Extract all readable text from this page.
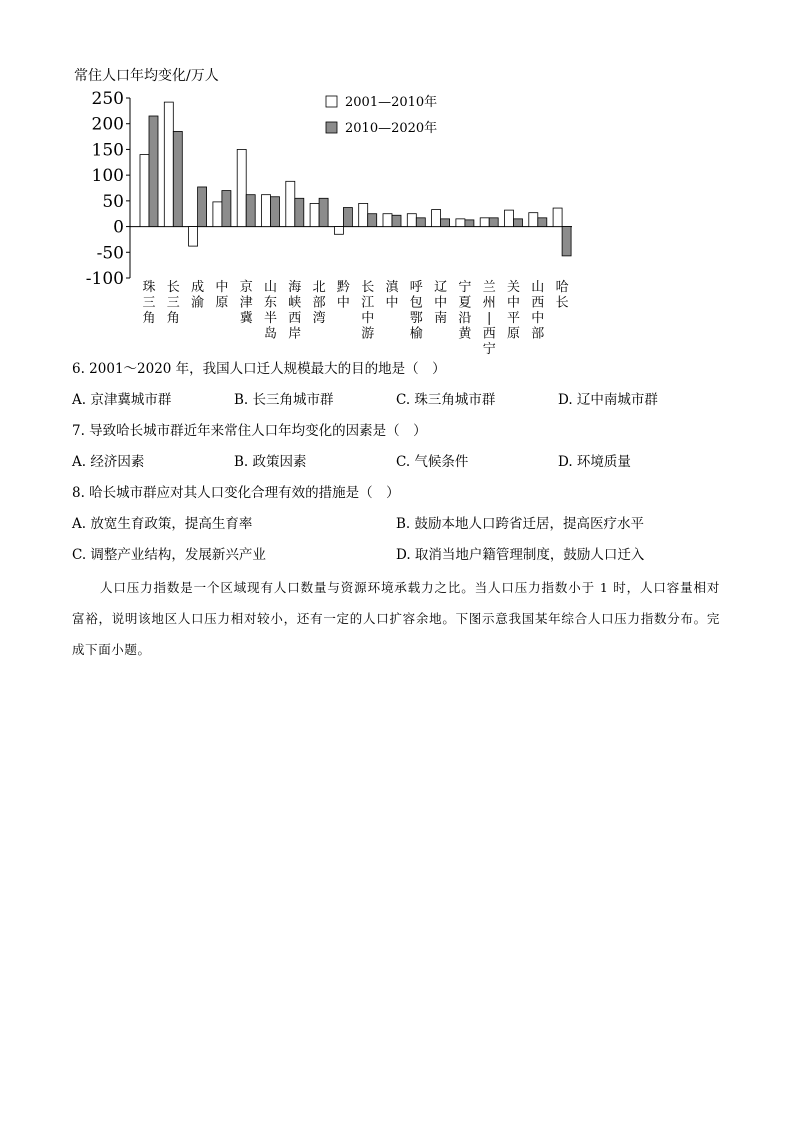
常住人口年均变化/万人
250
200
150
100
50
0
-50
-100 珠三角
长三角
成渝
中原
京津冀
山东半岛
海峡西岸
北部湾
黔中
长江中游
滇中
呼包鄂榆
辽中南
宁夏沿黄
兰州|西宁
关中平原
山西中部
哈长
2001—2010年
2010—2020年
6. 2001～2020 年，我国人口迁人规模最大的目的地是（　）
A. 京津冀城市群	B. 长三角城市群	C. 珠三角城市群	D. 辽中南城市群
7. 导致哈长城市群近年来常住人口年均变化的因素是（　）
A. 经济因素	B. 政策因素	C. 气候条件	D. 环境质量
8. 哈长城市群应对其人口变化合理有效的措施是（　）
A. 放宽生育政策，提高生育率	B. 鼓励本地人口跨省迁居，提高医疗水平
C. 调整产业结构，发展新兴产业	D. 取消当地户籍管理制度，鼓励人口迁入
人口压力指数是一个区域现有人口数量与资源环境承载力之比。当人口压力指数小于 1 时，人口容量相对富裕，说明该地区人口压力相对较小，还有一定的人口扩容余地。下图示意我国某年综合人口压力指数分布。完成下面小题。
